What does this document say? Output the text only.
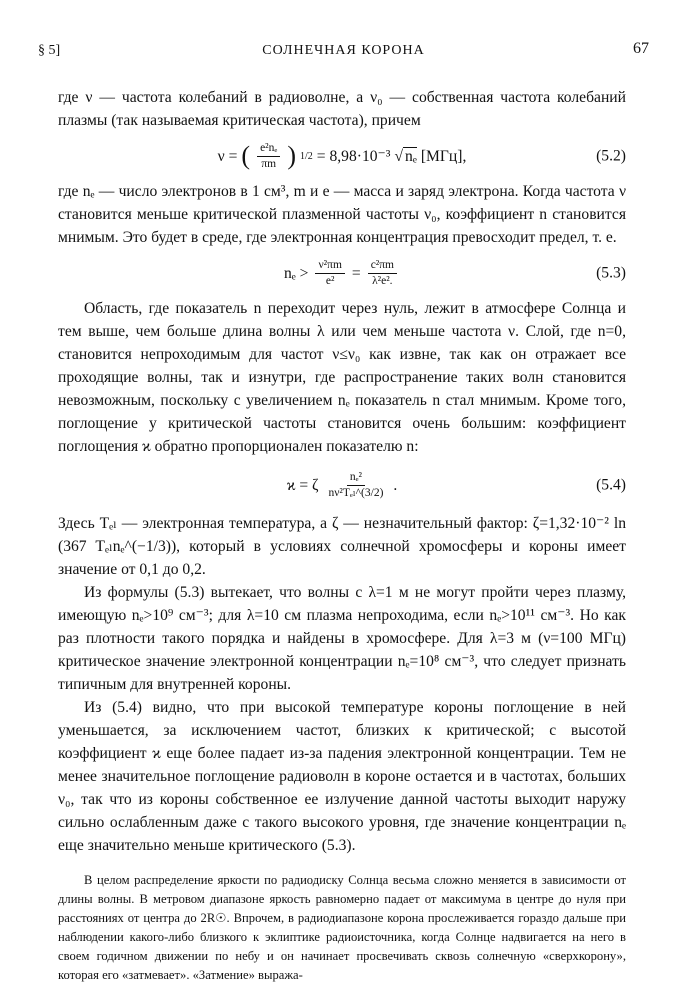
§ 5]	СОЛНЕЧНАЯ КОРОНА	67

где ν — частота колебаний в радиоволне, а ν₀ — собственная частота колебаний плазмы (так называемая критическая частота), причем

ν = ( $\frac{\text{e²nₑ}}{\pi m}$ ) 1/2 = 8,98·10⁻³ √ nₑ [МГц],	(5.2)

где nₑ — число электронов в 1 см³, m и e — масса и заряд электрона. Когда частота ν становится меньше критической плазменной частоты ν₀, коэффициент n становится мнимым. Это будет в среде, где электронная концентрация превосходит предел, т. е.

$n_e > \frac{\text{ν²πm}}{\text{e²}} = \frac{\text{c²πm}}{\text{λ²e².}}$	(5.3)

Область, где показатель n переходит через нуль, лежит в атмосфере Солнца и тем выше, чем больше длина волны λ или чем меньше частота ν. Слой, где n=0, становится непроходимым для частот ν≤ν₀ как извне, так как он отражает все проходящие волны, так и изнутри, где распространение таких волн становится невозможным, поскольку с увеличением nₑ показатель n стал мнимым. Кроме того, поглощение у критической частоты становится очень большим: коэффициент поглощения ϰ обратно пропорционален показателю n:

ϰ = ζ $\frac{\text{nₑ²}}{\text{nν²Tₑₗ\textasciicircum{}(3/2)}}$ .	(5.4)

Здесь Tₑₗ — электронная температура, а ζ — незначительный фактор: ζ=1,32·10⁻² ln (367 Tₑₗnₑ^(−1/3)), который в условиях солнечной хромосферы и короны имеет значение от 0,1 до 0,2.

Из формулы (5.3) вытекает, что волны с λ=1 м не могут пройти через плазму, имеющую nₑ>10⁹ см⁻³; для λ=10 см плазма непроходима, если nₑ>10¹¹ см⁻³. Но как раз плотности такого порядка и найдены в хромосфере. Для λ=3 м (ν=100 МГц) критическое значение электронной концентрации nₑ=10⁸ см⁻³, что следует признать типичным для внутренней короны.

Из (5.4) видно, что при высокой температуре короны поглощение в ней уменьшается, за исключением частот, близких к критической; с высотой коэффициент ϰ еще более падает из-за падения электронной концентрации. Тем не менее значительное поглощение радиоволн в короне остается и в частотах, больших ν₀, так что из короны собственное ее излучение данной частоты выходит наружу сильно ослабленным даже с такого высокого уровня, где значение концентрации nₑ еще значительно меньше критического (5.3).

В целом распределение яркости по радиодиску Солнца весьма сложно меняется в зависимости от длины волны. В метровом диапазоне яркость равномерно падает от максимума в центре до нуля при расстояниях от центра до 2R☉. Впрочем, в радиодиапазоне корона прослеживается гораздо дальше при наблюдении какого-либо близкого к эклиптике радиоисточника, когда Солнце надвигается на него в своем годичном движении по небу и он начинает просвечивать сквозь солнечную «сверхкорону», которая его «затмевает». «Затмение» выража-
